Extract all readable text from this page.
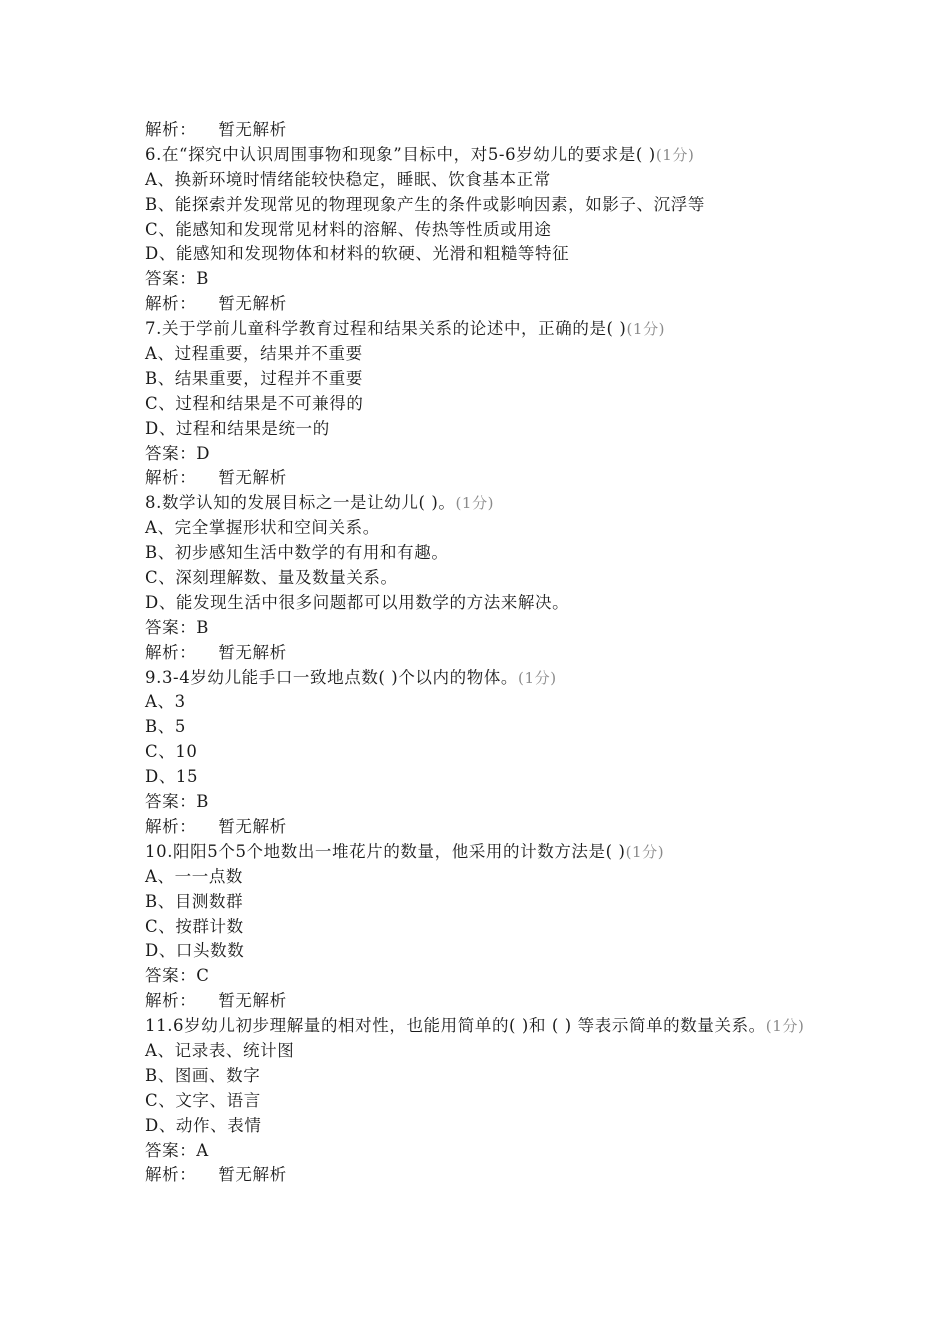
解析： 暂无解析
6.在“探究中认识周围事物和现象”目标中，对5-6岁幼儿的要求是( )(1分)
A、换新环境时情绪能较快稳定，睡眠、饮食基本正常
B、能探索并发现常见的物理现象产生的条件或影响因素，如影子、沉浮等
C、能感知和发现常见材料的溶解、传热等性质或用途
D、能感知和发现物体和材料的软硬、光滑和粗糙等特征
答案：B
解析： 暂无解析
7.关于学前儿童科学教育过程和结果关系的论述中，正确的是( )(1分)
A、过程重要，结果并不重要
B、结果重要，过程并不重要
C、过程和结果是不可兼得的
D、过程和结果是统一的
答案：D
解析： 暂无解析
8.数学认知的发展目标之一是让幼儿( )。(1分)
A、完全掌握形状和空间关系。
B、初步感知生活中数学的有用和有趣。
C、深刻理解数、量及数量关系。
D、能发现生活中很多问题都可以用数学的方法来解决。
答案：B
解析： 暂无解析
9.3-4岁幼儿能手口一致地点数( )个以内的物体。(1分)
A、3
B、5
C、10
D、15
答案：B
解析： 暂无解析
10.阳阳5个5个地数出一堆花片的数量，他采用的计数方法是( )(1分)
A、一一点数
B、目测数群
C、按群计数
D、口头数数
答案：C
解析： 暂无解析
11.6岁幼儿初步理解量的相对性，也能用简单的( )和 ( ) 等表示简单的数量关系。(1分)
A、记录表、统计图
B、图画、数字
C、文字、语言
D、动作、表情
答案：A
解析： 暂无解析
